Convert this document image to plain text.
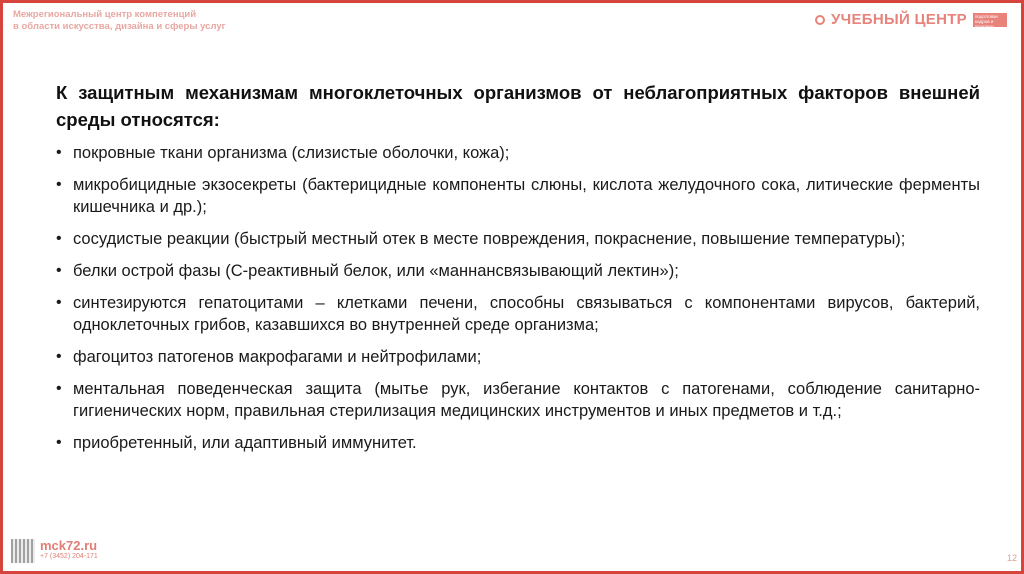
Межрегиональный центр компетенций
в области искусства, дизайна и сферы услуг	УЧЕБНЫЙ ЦЕНТР	подготовки кадров и прокачки скиллов
К защитным механизмам многоклеточных организмов от неблагоприятных факторов внешней среды относятся:
• покровные ткани организма (слизистые оболочки, кожа);
• микробицидные экзосекреты (бактерицидные компоненты слюны, кислота желудочного сока, литические ферменты кишечника и др.);
• сосудистые реакции (быстрый местный отек в месте повреждения, покраснение, повышение температуры);
• белки острой фазы (С-реактивный белок, или «маннансвязывающий лектин»);
• синтезируются гепатоцитами – клетками печени, способны связываться с компонентами вирусов, бактерий, одноклеточных грибов, казавшихся во внутренней среде организма;
• фагоцитоз патогенов макрофагами и нейтрофилами;
• ментальная поведенческая защита (мытье рук, избегание контактов с патогенами, соблюдение санитарно-гигиенических норм, правильная стерилизация медицинских инструментов и иных предметов и т.д.;
• приобретенный, или адаптивный иммунитет.
mck72.ru
+7 (3452) 204-171	12
